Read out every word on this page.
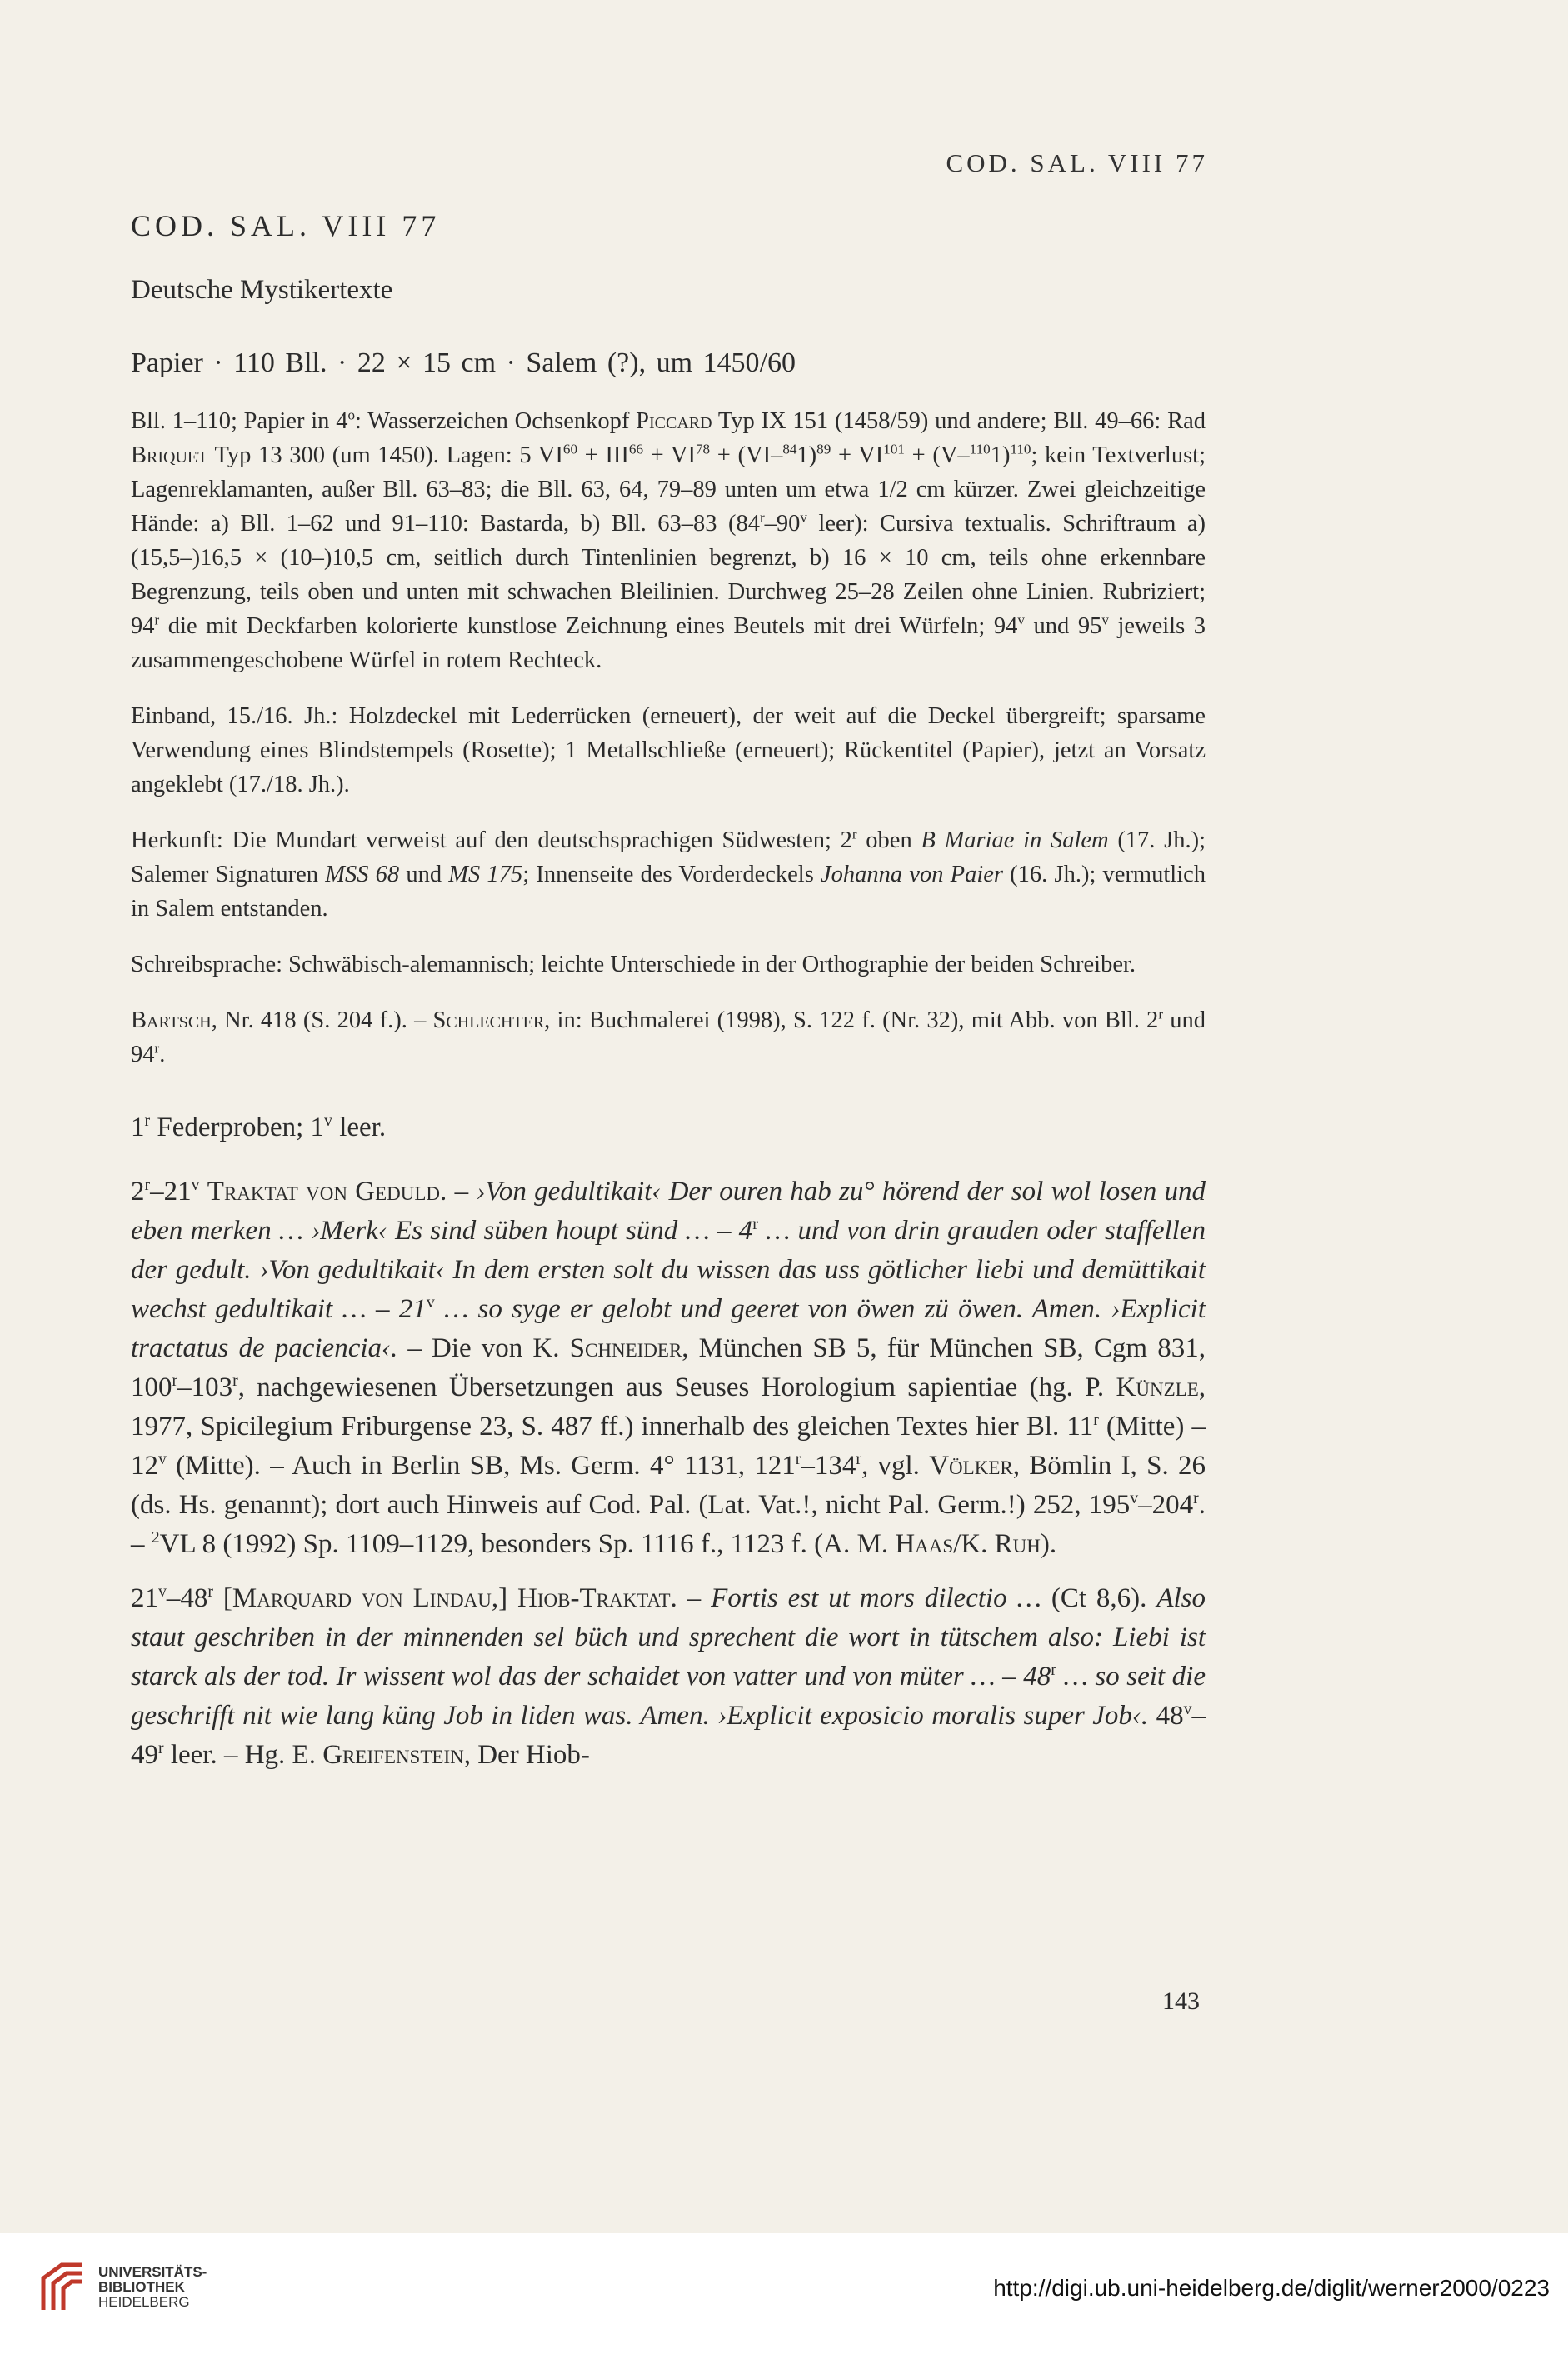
COD. SAL. VIII 77
COD. SAL. VIII 77
Deutsche Mystikertexte
Papier · 110 Bll. · 22 × 15 cm · Salem (?), um 1450/60

Bll. 1–110; Papier in 4$^o$: Wasserzeichen Ochsenkopf Piccard Typ IX 151 (1458/59) und andere; Bll. 49–66: Rad Briquet Typ 13 300 (um 1450). Lagen: 5 $VI^{60} + III^{66} + VI^{78} + (VI-^{84}1)^{89} + VI^{101} + (V-^{110}1)^{110}$; kein Textverlust; Lagenreklamanten, außer Bll. 63–83; die Bll. 63, 64, 79–89 unten um etwa 1/2 cm kürzer. Zwei gleichzeitige Hände: a) Bll. 1–62 und 91–110: Bastarda, b) Bll. 63–83 (84$^r$–90$^v$ leer): Cursiva textualis. Schriftraum a) (15,5–)16,5 × (10–)10,5 cm, seitlich durch Tintenlinien begrenzt, b) 16 × 10 cm, teils ohne erkennbare Begrenzung, teils oben und unten mit schwachen Bleilinien. Durchweg 25–28 Zeilen ohne Linien. Rubriziert; 94$^r$ die mit Deckfarben kolorierte kunstlose Zeichnung eines Beutels mit drei Würfeln; 94$^v$ und 95$^v$ jeweils 3 zusammengeschobene Würfel in rotem Rechteck.

Einband, 15./16. Jh.: Holzdeckel mit Lederrücken (erneuert), der weit auf die Deckel übergreift; sparsame Verwendung eines Blindstempels (Rosette); 1 Metallschließe (erneuert); Rückentitel (Papier), jetzt an Vorsatz angeklebt (17./18. Jh.).

Herkunft: Die Mundart verweist auf den deutschsprachigen Südwesten; 2$^r$ oben B Mariae in Salem (17. Jh.); Salemer Signaturen MSS 68 und MS 175; Innenseite des Vorderdeckels Johanna von Paier (16. Jh.); vermutlich in Salem entstanden.

Schreibsprache: Schwäbisch-alemannisch; leichte Unterschiede in der Orthographie der beiden Schreiber.

Bartsch, Nr. 418 (S. 204 f.). – Schlechter, in: Buchmalerei (1998), S. 122 f. (Nr. 32), mit Abb. von Bll. 2$^r$ und 94$^r$.

1$^r$ Federproben; 1$^v$ leer.

2$^r$–21$^v$ Traktat von Geduld. – ›Von gedultikait‹ Der ouren hab zu° hörend der sol wol losen und eben merken … ›Merk‹ Es sind süben houpt sünd … – 4$^r$ … und von drin grauden oder staffellen der gedult. ›Von gedultikait‹ In dem ersten solt du wissen das uss götlicher liebi und demüttikait wechst gedultikait … – 21$^v$ … so syge er gelobt und geeret von öwen zü öwen. Amen. ›Explicit tractatus de paciencia‹. – Die von K. Schneider, München SB 5, für München SB, Cgm 831, 100$^r$–103$^r$, nachgewiesenen Übersetzungen aus Seuses Horologium sapientiae (hg. P. Künzle, 1977, Spicilegium Friburgense 23, S. 487 ff.) innerhalb des gleichen Textes hier Bl. 11$^r$ (Mitte) – 12$^v$ (Mitte). – Auch in Berlin SB, Ms. Germ. 4° 1131, 121$^r$–134$^r$, vgl. Völker, Bömlin I, S. 26 (ds. Hs. genannt); dort auch Hinweis auf Cod. Pal. (Lat. Vat.!, nicht Pal. Germ.!) 252, 195$^v$–204$^r$. – $^2$VL 8 (1992) Sp. 1109–1129, besonders Sp. 1116 f., 1123 f. (A. M. Haas/K. Ruh).

21$^v$–48$^r$ [Marquard von Lindau,] Hiob-Traktat. – Fortis est ut mors dilectio … (Ct 8,6). Also staut geschriben in der minnenden sel büch und sprechent die wort in tütschem also: Liebi ist starck als der tod. Ir wissent wol das der schaidet von vatter und von müter … – 48$^r$ … so seit die geschrifft nit wie lang küng Job in liden was. Amen. ›Explicit exposicio moralis super Job‹. 48$^v$–49$^r$ leer. – Hg. E. Greifenstein, Der Hiob-

143
UNIVERSITÄTS-
BIBLIOTHEK
HEIDELBERG
http://digi.ub.uni-heidelberg.de/diglit/werner2000/0223
